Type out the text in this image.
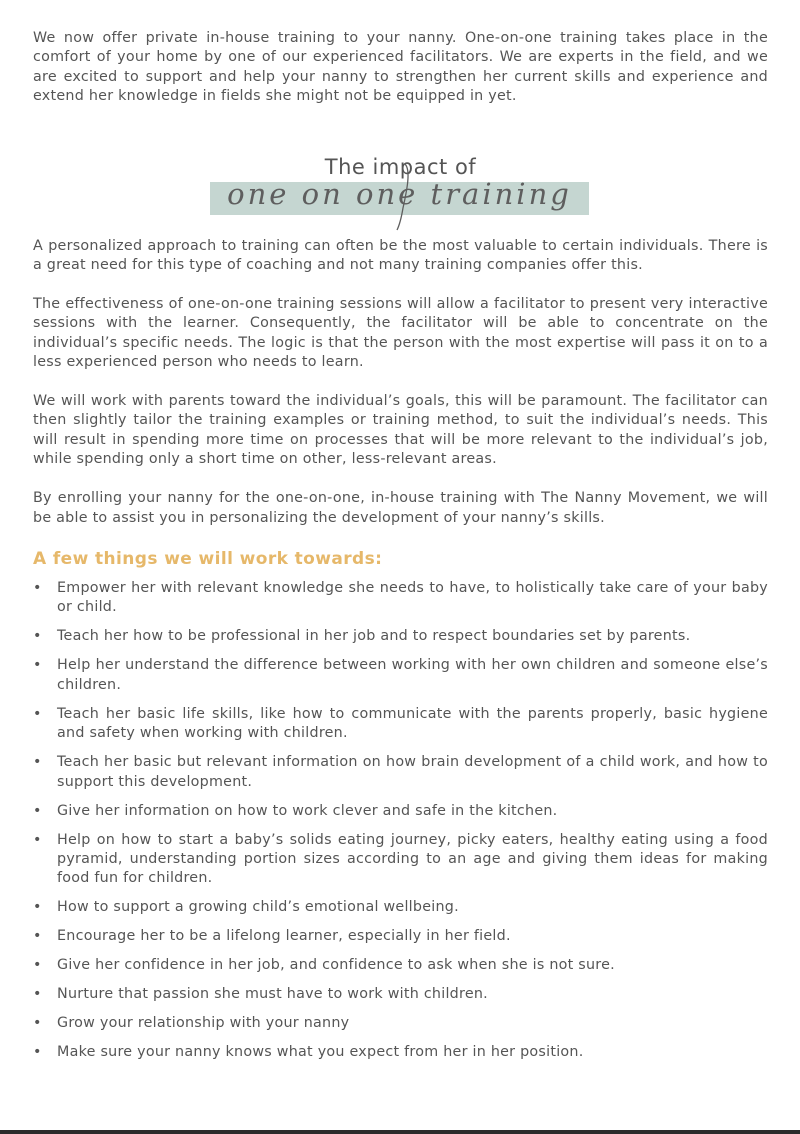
We now offer private in-house training to your nanny. One-on-one training takes place in the comfort of your home by one of our experienced facilitators. We are experts in the field, and we are excited to support and help your nanny to strengthen her current skills and experience and extend her knowledge in fields she might not be equipped in yet.

The impact of
one on one training

A personalized approach to training can often be the most valuable to certain individuals. There is a great need for this type of coaching and not many training companies offer this.

The effectiveness of one-on-one training sessions will allow a facilitator to present very interactive sessions with the learner. Consequently, the facilitator will be able to concentrate on the individual’s specific needs. The logic is that the person with the most expertise will pass it on to a less experienced person who needs to learn.

We will work with parents toward the individual’s goals, this will be paramount. The facilitator can then slightly tailor the training examples or training method, to suit the individual’s needs. This will result in spending more time on processes that will be more relevant to the individual’s job, while spending only a short time on other, less-relevant areas.

By enrolling your nanny for the one-on-one, in-house training with The Nanny Movement, we will be able to assist you in personalizing the development of your nanny’s skills.

A few things we will work towards:
• Empower her with relevant knowledge she needs to have, to holistically take care of your baby or child.
• Teach her how to be professional in her job and to respect boundaries set by parents.
• Help her understand the difference between working with her own children and someone else’s children.
• Teach her basic life skills, like how to communicate with the parents properly, basic hygiene and safety when working with children.
• Teach her basic but relevant information on how brain development of a child work, and how to support this development.
• Give her information on how to work clever and safe in the kitchen.
• Help on how to start a baby’s solids eating journey, picky eaters, healthy eating using a food pyramid, understanding portion sizes according to an age and giving them ideas for making food fun for children.
• How to support a growing child’s emotional wellbeing.
• Encourage her to be a lifelong learner, especially in her field.
• Give her confidence in her job, and confidence to ask when she is not sure.
• Nurture that passion she must have to work with children.
• Grow your relationship with your nanny
• Make sure your nanny knows what you expect from her in her position.
